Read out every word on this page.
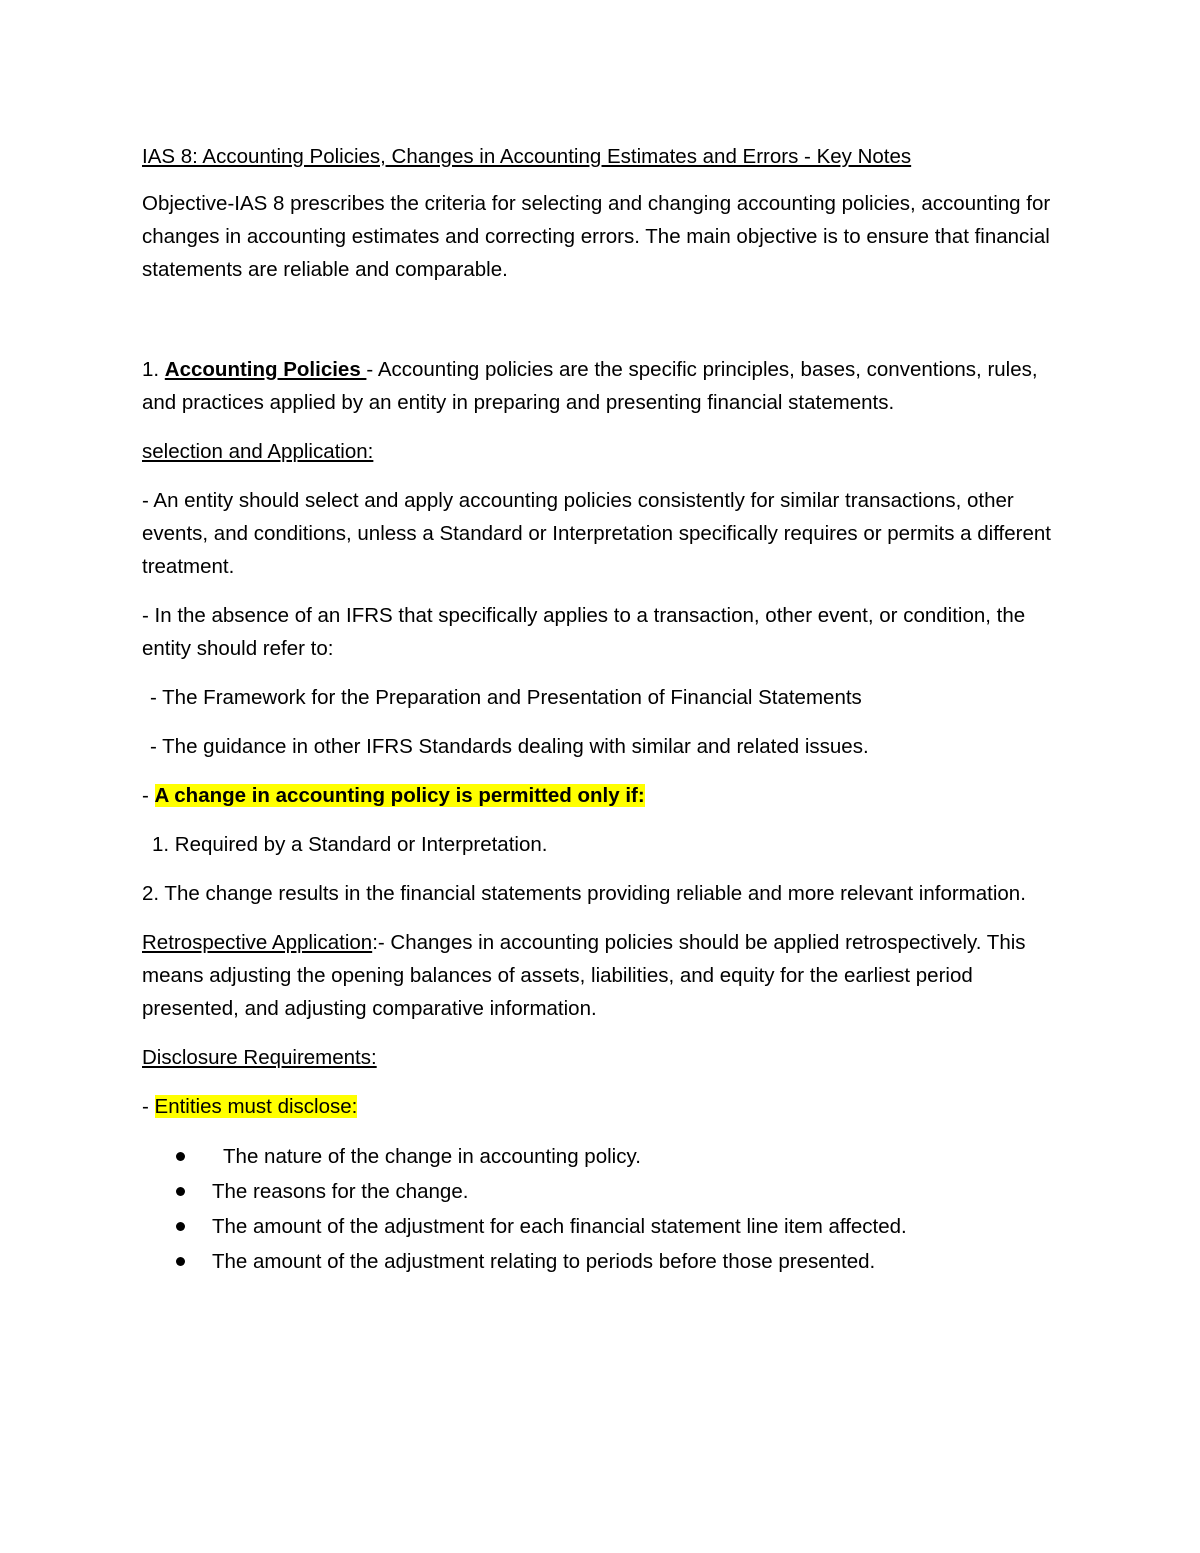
IAS 8: Accounting Policies, Changes in Accounting Estimates and Errors - Key Notes

Objective-IAS 8 prescribes the criteria for selecting and changing accounting policies, accounting for changes in accounting estimates and correcting errors. The main objective is to ensure that financial statements are reliable and comparable.

1. Accounting Policies - Accounting policies are the specific principles, bases, conventions, rules, and practices applied by an entity in preparing and presenting financial statements.

selection and Application:

- An entity should select and apply accounting policies consistently for similar transactions, other events, and conditions, unless a Standard or Interpretation specifically requires or permits a different treatment.

- In the absence of an IFRS that specifically applies to a transaction, other event, or condition, the entity should refer to:

- The Framework for the Preparation and Presentation of Financial Statements

- The guidance in other IFRS Standards dealing with similar and related issues.

- A change in accounting policy is permitted only if:

1. Required by a Standard or Interpretation.

2. The change results in the financial statements providing reliable and more relevant information.

Retrospective Application:- Changes in accounting policies should be applied retrospectively. This means adjusting the opening balances of assets, liabilities, and equity for the earliest period presented, and adjusting comparative information.

Disclosure Requirements:

- Entities must disclose:

The nature of the change in accounting policy.
The reasons for the change.
The amount of the adjustment for each financial statement line item affected.
The amount of the adjustment relating to periods before those presented.
